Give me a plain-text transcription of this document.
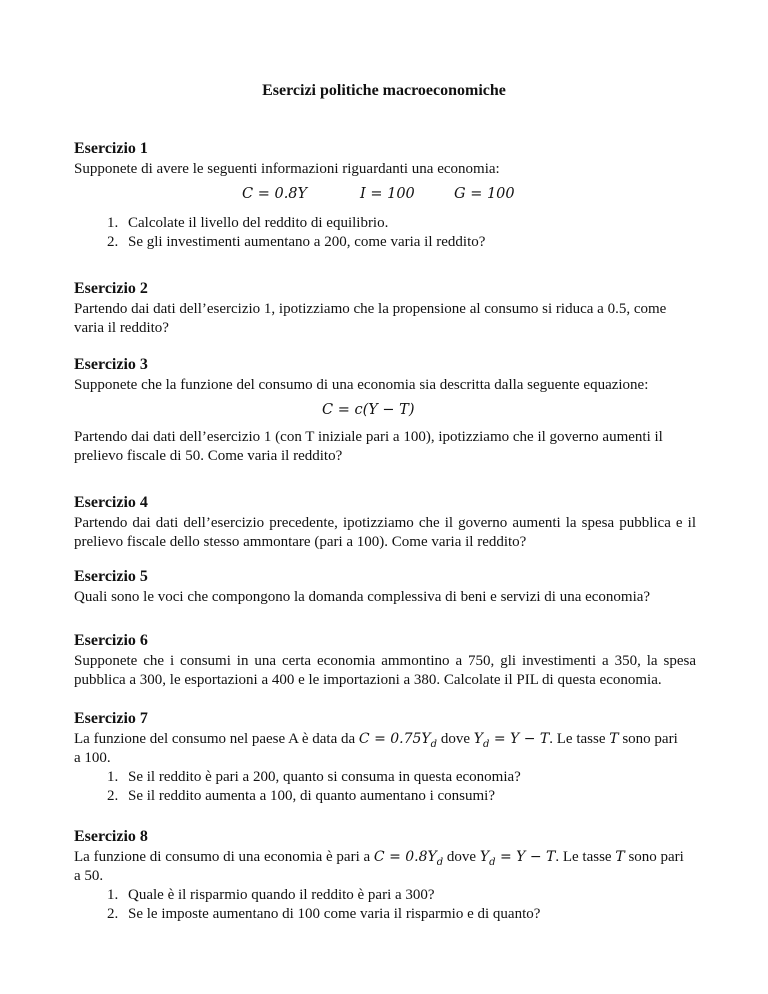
Esercizi politiche macroeconomiche
Esercizio 1
Supponete di avere le seguenti informazioni riguardanti una economia:
C = 0.8Y	I = 100	G = 100
1. Calcolate il livello del reddito di equilibrio.
2. Se gli investimenti aumentano a 200, come varia il reddito?
Esercizio 2
Partendo dai dati dell’esercizio 1, ipotizziamo che la propensione al consumo si riduca a 0.5, come varia il reddito?
Esercizio 3
Supponete che la funzione del consumo di una economia sia descritta dalla seguente equazione:
C = c(Y − T)
Partendo dai dati dell’esercizio 1 (con T iniziale pari a 100), ipotizziamo che il governo aumenti il prelievo fiscale di 50. Come varia il reddito?
Esercizio 4
Partendo dai dati dell’esercizio precedente, ipotizziamo che il governo aumenti la spesa pubblica e il prelievo fiscale dello stesso ammontare (pari a 100). Come varia il reddito?
Esercizio 5
Quali sono le voci che compongono la domanda complessiva di beni e servizi di una economia?
Esercizio 6
Supponete che i consumi in una certa economia ammontino a 750, gli investimenti a 350, la spesa pubblica a 300, le esportazioni a 400 e le importazioni a 380. Calcolate il PIL di questa economia.
Esercizio 7
La funzione del consumo nel paese A è data da $C = 0.75Y_d$ dove $Y_d = Y - T$. Le tasse T sono pari
a 100.
1. Se il reddito è pari a 200, quanto si consuma in questa economia?
2. Se il reddito aumenta a 100, di quanto aumentano i consumi?
Esercizio 8
La funzione di consumo di una economia è pari a $C = 0.8Y_d$ dove $Y_d = Y - T$. Le tasse T sono pari
a 50.
1. Quale è il risparmio quando il reddito è pari a 300?
2. Se le imposte aumentano di 100 come varia il risparmio e di quanto?
